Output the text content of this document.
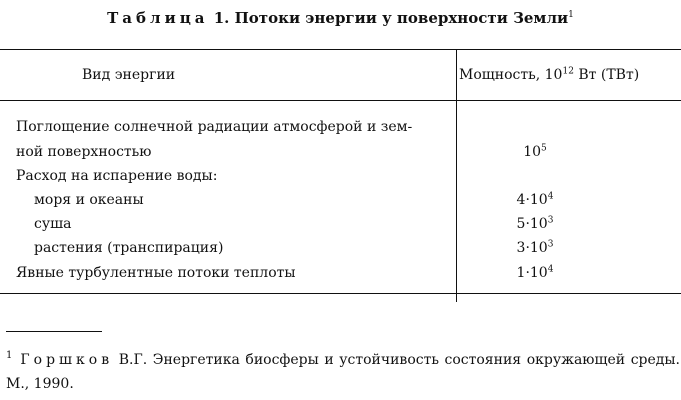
Таблица 1. Потоки энергии у поверхности Земли$^1$
Вид энергии	Мощность, $10^{12}$ Вт (ТВт)
Поглощение солнечной радиации атмосферой и зем-
ной поверхностью	$10^5$
Расход на испарение воды:
моря и океаны	$4\cdot 10^4$
суша	$5\cdot 10^3$
растения (транспирация)	$3\cdot 10^3$
Явные турбулентные потоки теплоты	$1\cdot 10^4$
$^1$ Горшков В.Г. Энергетика биосферы и устойчивость состояния окружающей среды. М., 1990.
